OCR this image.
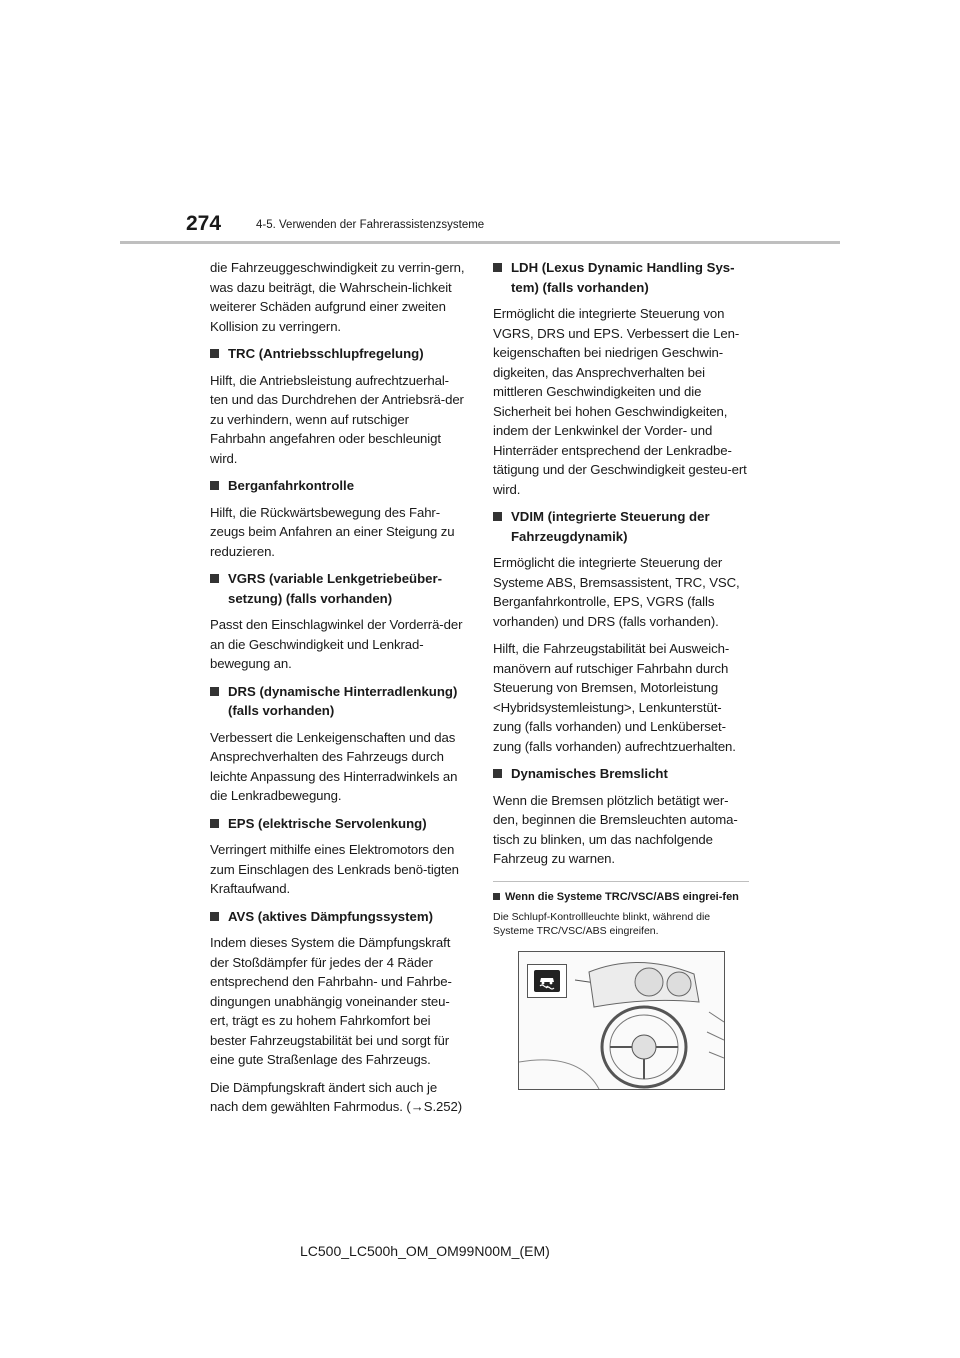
274	4-5. Verwenden der Fahrerassistenzsysteme

die Fahrzeuggeschwindigkeit zu verrin-gern, was dazu beiträgt, die Wahrschein-lichkeit weiterer Schäden aufgrund einer zweiten Kollision zu verringern.

TRC (Antriebsschlupfregelung)

Hilft, die Antriebsleistung aufrechtzuerhal-ten und das Durchdrehen der Antriebsrä-der zu verhindern, wenn auf rutschiger Fahrbahn angefahren oder beschleunigt wird.

Berganfahrkontrolle

Hilft, die Rückwärtsbewegung des Fahr-zeugs beim Anfahren an einer Steigung zu reduzieren.

VGRS (variable Lenkgetriebeüber-setzung) (falls vorhanden)

Passt den Einschlagwinkel der Vorderrä-der an die Geschwindigkeit und Lenkrad-bewegung an.

DRS (dynamische Hinterradlenkung) (falls vorhanden)

Verbessert die Lenkeigenschaften und das Ansprechverhalten des Fahrzeugs durch leichte Anpassung des Hinterradwinkels an die Lenkradbewegung.

EPS (elektrische Servolenkung)

Verringert mithilfe eines Elektromotors den zum Einschlagen des Lenkrads benö-tigten Kraftaufwand.

AVS (aktives Dämpfungssystem)

Indem dieses System die Dämpfungskraft der Stoßdämpfer für jedes der 4 Räder entsprechend den Fahrbahn- und Fahrbe-dingungen unabhängig voneinander steu-ert, trägt es zu hohem Fahrkomfort bei bester Fahrzeugstabilität bei und sorgt für eine gute Straßenlage des Fahrzeugs.

Die Dämpfungskraft ändert sich auch je nach dem gewählten Fahrmodus. (→S.252)

LDH (Lexus Dynamic Handling Sys-tem) (falls vorhanden)

Ermöglicht die integrierte Steuerung von VGRS, DRS und EPS. Verbessert die Len-keigenschaften bei niedrigen Geschwin-digkeiten, das Ansprechverhalten bei mittleren Geschwindigkeiten und die Sicherheit bei hohen Geschwindigkeiten, indem der Lenkwinkel der Vorder- und Hinterräder entsprechend der Lenkradbe-tätigung und der Geschwindigkeit gesteu-ert wird.

VDIM (integrierte Steuerung der Fahrzeugdynamik)

Ermöglicht die integrierte Steuerung der Systeme ABS, Bremsassistent, TRC, VSC, Berganfahrkontrolle, EPS, VGRS (falls vorhanden) und DRS (falls vorhanden).

Hilft, die Fahrzeugstabilität bei Ausweich-manövern auf rutschiger Fahrbahn durch Steuerung von Bremsen, Motorleistung <Hybridsystemleistung>, Lenkunterstüt-zung (falls vorhanden) und Lenküberset-zung (falls vorhanden) aufrechtzuerhalten.

Dynamisches Bremslicht

Wenn die Bremsen plötzlich betätigt wer-den, beginnen die Bremsleuchten automa-tisch zu blinken, um das nachfolgende Fahrzeug zu warnen.

Wenn die Systeme TRC/VSC/ABS eingrei-fen

Die Schlupf-Kontrollleuchte blinkt, während die Systeme TRC/VSC/ABS eingreifen.

LC500_LC500h_OM_OM99N00M_(EM)
